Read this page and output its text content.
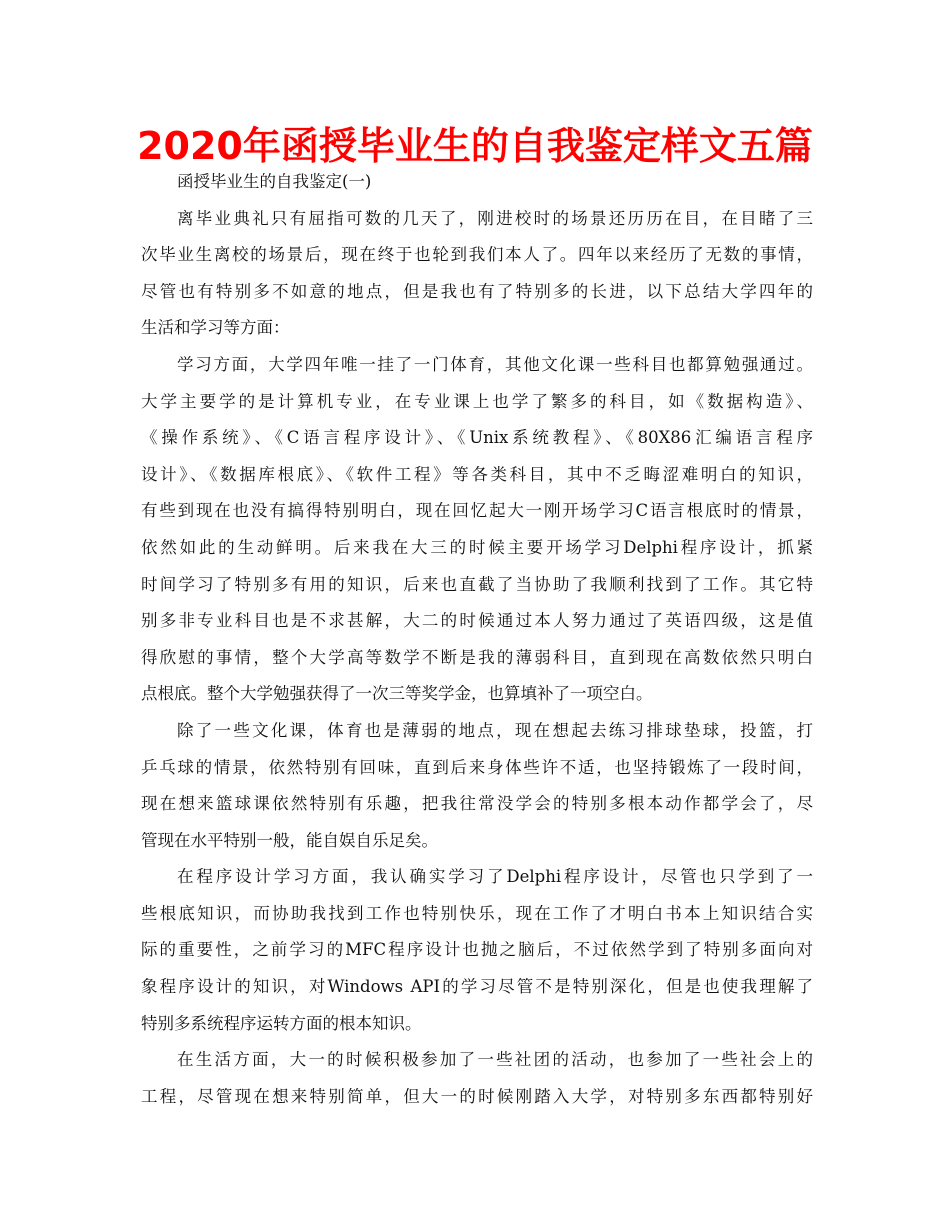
2020年函授毕业生的自我鉴定样文五篇
函授毕业生的自我鉴定(一)
离毕业典礼只有屈指可数的几天了，刚进校时的场景还历历在目，在目睹了三
次毕业生离校的场景后，现在终于也轮到我们本人了。四年以来经历了无数的事情，
尽管也有特别多不如意的地点，但是我也有了特别多的长进，以下总结大学四年的
生活和学习等方面：
学习方面，大学四年唯一挂了一门体育，其他文化课一些科目也都算勉强通过。
大学主要学的是计算机专业，在专业课上也学了繁多的科目，如《数据构造》、
《操作系统》、《C语言程序设计》、《Unix系统教程》、《80X86汇编语言程序
设计》、《数据库根底》、《软件工程》等各类科目，其中不乏晦涩难明白的知识，
有些到现在也没有搞得特别明白，现在回忆起大一刚开场学习C语言根底时的情景，
依然如此的生动鲜明。后来我在大三的时候主要开场学习Delphi程序设计，抓紧
时间学习了特别多有用的知识，后来也直截了当协助了我顺利找到了工作。其它特
别多非专业科目也是不求甚解，大二的时候通过本人努力通过了英语四级，这是值
得欣慰的事情，整个大学高等数学不断是我的薄弱科目，直到现在高数依然只明白
点根底。整个大学勉强获得了一次三等奖学金，也算填补了一项空白。
除了一些文化课，体育也是薄弱的地点，现在想起去练习排球垫球，投篮，打
乒乓球的情景，依然特别有回味，直到后来身体些许不适，也坚持锻炼了一段时间，
现在想来篮球课依然特别有乐趣，把我往常没学会的特别多根本动作都学会了，尽
管现在水平特别一般，能自娱自乐足矣。
在程序设计学习方面，我认确实学习了Delphi程序设计，尽管也只学到了一
些根底知识，而协助我找到工作也特别快乐，现在工作了才明白书本上知识结合实
际的重要性，之前学习的MFC程序设计也抛之脑后，不过依然学到了特别多面向对
象程序设计的知识，对Windows API的学习尽管不是特别深化，但是也使我理解了
特别多系统程序运转方面的根本知识。
在生活方面，大一的时候积极参加了一些社团的活动，也参加了一些社会上的
工程，尽管现在想来特别简单，但大一的时候刚踏入大学，对特别多东西都特别好
